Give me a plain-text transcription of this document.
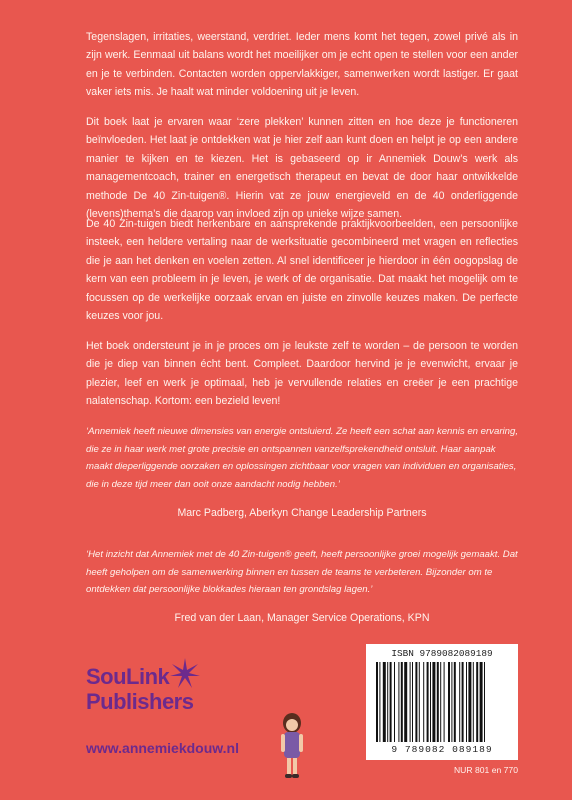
Tegenslagen, irritaties, weerstand, verdriet. Ieder mens komt het tegen, zowel privé als in zijn werk. Eenmaal uit balans wordt het moeilijker om je echt open te stellen voor een ander en je te verbinden. Contacten worden oppervlakkiger, samenwerken wordt lastiger. Er gaat vaker iets mis. Je haalt wat minder voldoening uit je leven.

Dit boek laat je ervaren waar ‘zere plekken’ kunnen zitten en hoe deze je functioneren beïnvloeden. Het laat je ontdekken wat je hier zelf aan kunt doen en helpt je op een andere manier te kijken en te kiezen. Het is gebaseerd op ir Annemiek Douw’s werk als managementcoach, trainer en energetisch therapeut en bevat de door haar ontwikkelde methode De 40 Zin-tuigen®. Hierin vat ze jouw energieveld en de 40 onderliggende (levens)thema’s die daarop van invloed zijn op unieke wijze samen.

De 40 Zin-tuigen biedt herkenbare en aansprekende praktijkvoorbeelden, een persoonlijke insteek, een heldere vertaling naar de werksituatie gecombineerd met vragen en reflecties die je aan het denken en voelen zetten. Al snel identificeer je hierdoor in één oogopslag de kern van een probleem in je leven, je werk of de organisatie. Dat maakt het mogelijk om te focussen op de werkelijke oorzaak ervan en juiste en zinvolle keuzes maken. De perfecte keuzes voor jou.

Het boek ondersteunt je in je proces om je leukste zelf te worden – de persoon te worden die je diep van binnen écht bent. Compleet. Daardoor hervind je je evenwicht, ervaar je plezier, leef en werk je optimaal, heb je vervullende relaties en creëer je een prachtige nalatenschap. Kortom: een bezield leven!

‘Annemiek heeft nieuwe dimensies van energie ontsluierd. Ze heeft een schat aan kennis en ervaring, die ze in haar werk met grote precisie en ontspannen vanzelfsprekendheid ontsluit. Haar aanpak maakt dieperliggende oorzaken en oplossingen zichtbaar voor vragen van individuen en organisaties, die in deze tijd meer dan ooit onze aandacht nodig hebben.’

Marc Padberg, Aberkyn Change Leadership Partners

‘Het inzicht dat Annemiek met de 40 Zin-tuigen® geeft, heeft persoonlijke groei mogelijk gemaakt. Dat heeft geholpen om de samenwerking binnen en tussen de teams te verbeteren. Bijzonder om te ontdekken dat persoonlijke blokkades hieraan ten grondslag lagen.’

Fred van der Laan, Manager Service Operations, KPN

SouLink
Publishers
www.annemiekdouw.nl
ISBN 9789082089189
9 789082 089189
NUR 801 en 770
